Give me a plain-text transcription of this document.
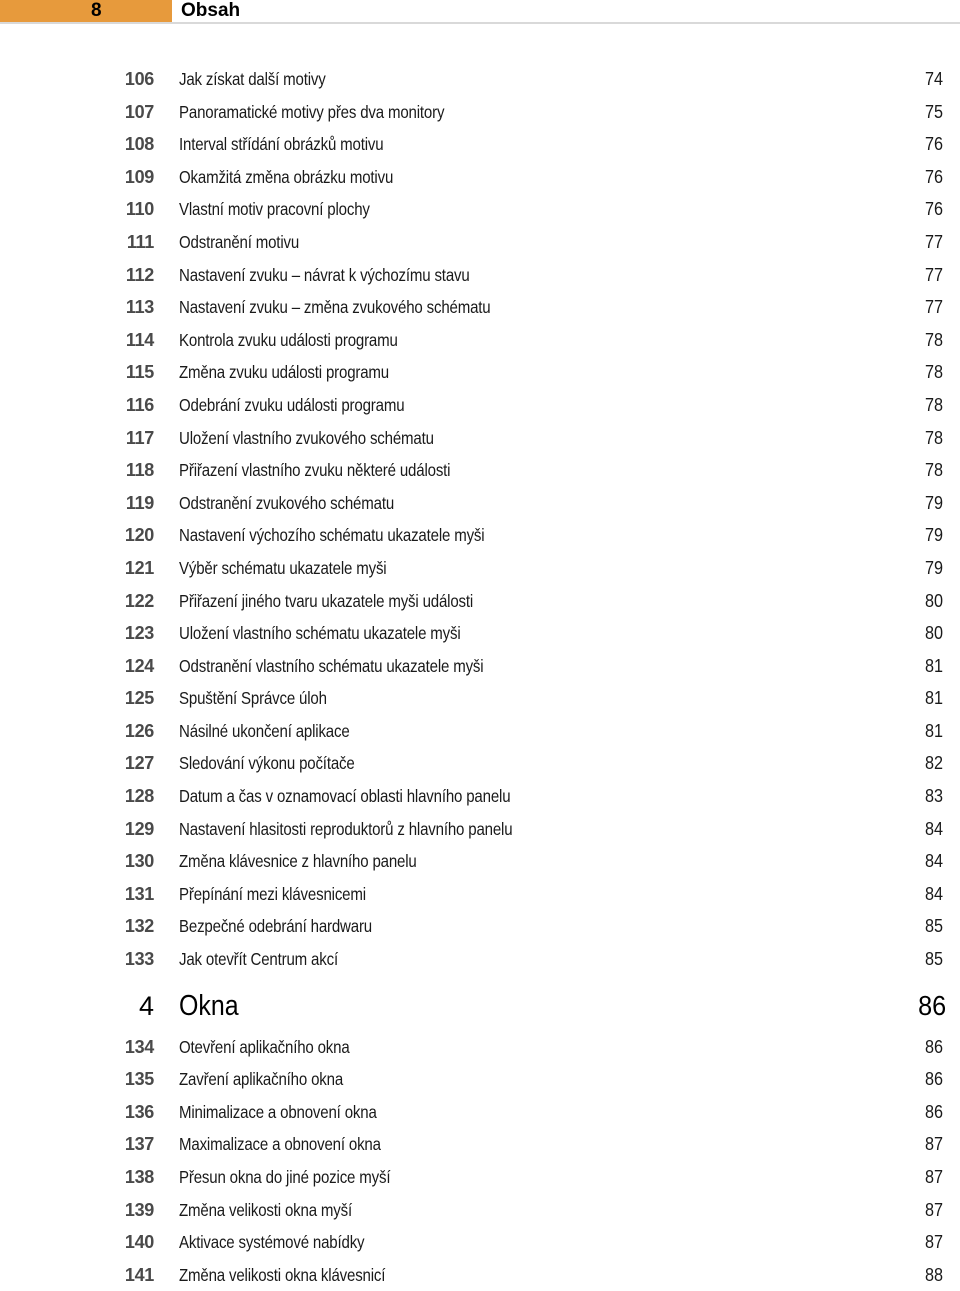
8	Obsah
106 Jak získat další motivy	74
107 Panoramatické motivy přes dva monitory	75
108 Interval střídání obrázků motivu	76
109 Okamžitá změna obrázku motivu	76
110 Vlastní motiv pracovní plochy	76
111 Odstranění motivu	77
112 Nastavení zvuku – návrat k výchozímu stavu	77
113 Nastavení zvuku – změna zvukového schématu	77
114 Kontrola zvuku události programu	78
115 Změna zvuku události programu	78
116 Odebrání zvuku události programu	78
117 Uložení vlastního zvukového schématu	78
118 Přiřazení vlastního zvuku některé události	78
119 Odstranění zvukového schématu	79
120 Nastavení výchozího schématu ukazatele myši	79
121 Výběr schématu ukazatele myši	79
122 Přiřazení jiného tvaru ukazatele myši události	80
123 Uložení vlastního schématu ukazatele myši	80
124 Odstranění vlastního schématu ukazatele myši	81
125 Spuštění Správce úloh	81
126 Násilné ukončení aplikace	81
127 Sledování výkonu počítače	82
128 Datum a čas v oznamovací oblasti hlavního panelu	83
129 Nastavení hlasitosti reproduktorů z hlavního panelu	84
130 Změna klávesnice z hlavního panelu	84
131 Přepínání mezi klávesnicemi	84
132 Bezpečné odebrání hardwaru	85
133 Jak otevřít Centrum akcí	85
4 Okna	86
134 Otevření aplikačního okna	86
135 Zavření aplikačního okna	86
136 Minimalizace a obnovení okna	86
137 Maximalizace a obnovení okna	87
138 Přesun okna do jiné pozice myší	87
139 Změna velikosti okna myší	87
140 Aktivace systémové nabídky	87
141 Změna velikosti okna klávesnicí	88
